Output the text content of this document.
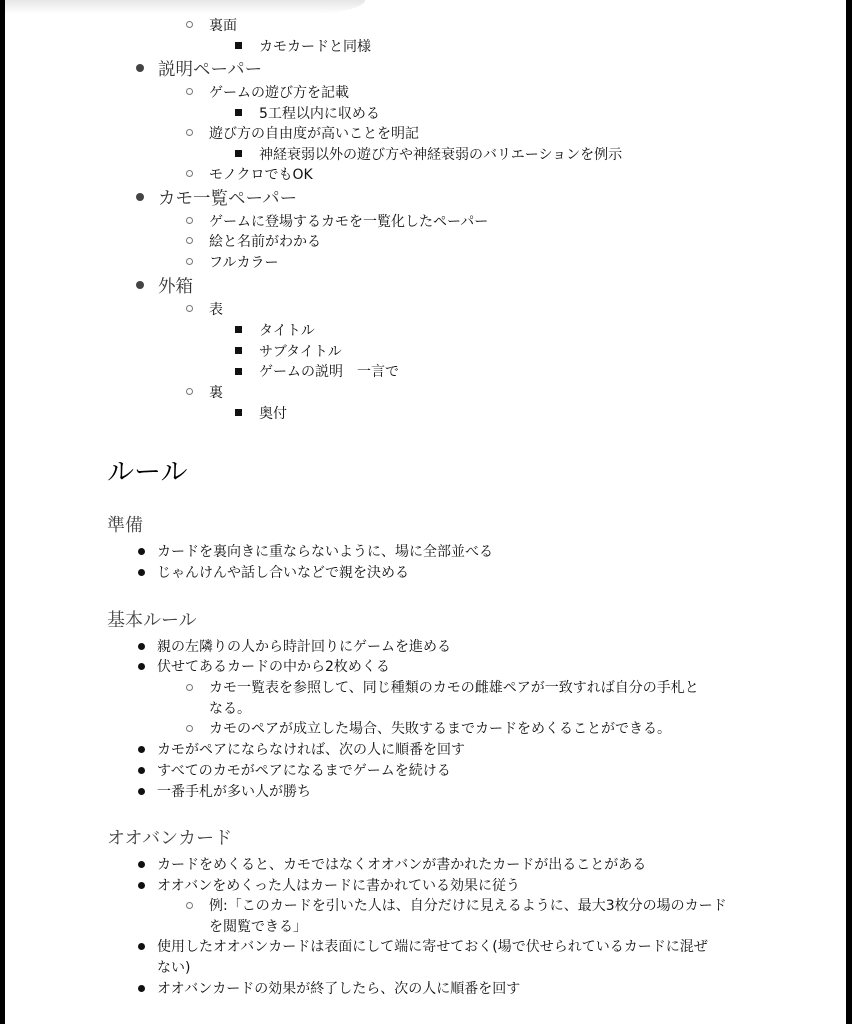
裏面
カモカードと同様
説明ペーパー
ゲームの遊び方を記載
5工程以内に収める
遊び方の自由度が高いことを明記
神経衰弱以外の遊び方や神経衰弱のバリエーションを例示
モノクロでもOK
カモ一覧ペーパー
ゲームに登場するカモを一覧化したペーパー
絵と名前がわかる
フルカラー
外箱
表
タイトル
サブタイトル
ゲームの説明　一言で
裏
奥付
ルール
準備
カードを裏向きに重ならないように、場に全部並べる
じゃんけんや話し合いなどで親を決める
基本ルール
親の左隣りの人から時計回りにゲームを進める
伏せてあるカードの中から2枚めくる
カモ一覧表を参照して、同じ種類のカモの雌雄ペアが一致すれば自分の手札と
なる。
カモのペアが成立した場合、失敗するまでカードをめくることができる。
カモがペアにならなければ、次の人に順番を回す
すべてのカモがペアになるまでゲームを続ける
一番手札が多い人が勝ち
オオバンカード
カードをめくると、カモではなくオオバンが書かれたカードが出ることがある
オオバンをめくった人はカードに書かれている効果に従う
例:「このカードを引いた人は、自分だけに見えるように、最大3枚分の場のカード
を閲覧できる」
使用したオオバンカードは表面にして端に寄せておく(場で伏せられているカードに混ぜ
ない)
オオバンカードの効果が終了したら、次の人に順番を回す
